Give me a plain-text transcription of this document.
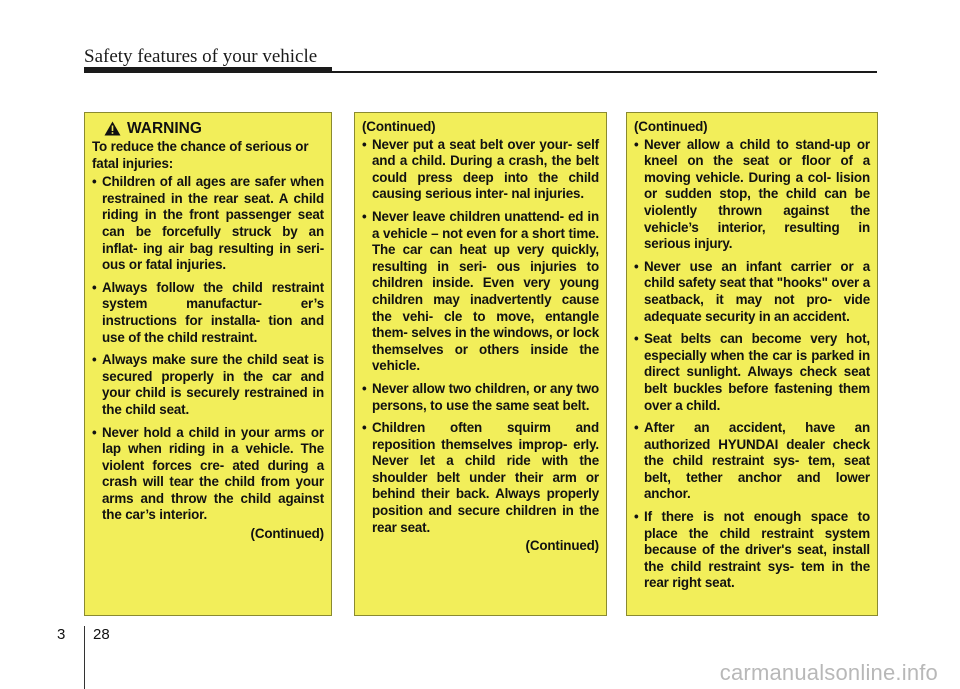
Safety features of your vehicle
WARNING

To reduce the chance of serious or fatal injuries:

• Children of all ages are safer when restrained in the rear seat. A child riding in the front passenger seat can be forcefully struck by an inflat- ing air bag resulting in seri- ous or fatal injuries.
• Always follow the child restraint system manufactur- er’s instructions for installa- tion and use of the child restraint.
• Always make sure the child seat is secured properly in the car and your child is securely restrained in the child seat.
• Never hold a child in your arms or lap when riding in a vehicle. The violent forces cre- ated during a crash will tear the child from your arms and throw the child against the car’s interior.
(Continued)
(Continued)
• Never put a seat belt over your- self and a child. During a crash, the belt could press deep into the child causing serious inter- nal injuries.
• Never leave children unattend- ed in a vehicle – not even for a short time. The car can heat up very quickly, resulting in seri- ous injuries to children inside. Even very young children may inadvertently cause the vehi- cle to move, entangle them- selves in the windows, or lock themselves or others inside the vehicle.
• Never allow two children, or any two persons, to use the same seat belt.
• Children often squirm and reposition themselves improp- erly. Never let a child ride with the shoulder belt under their arm or behind their back. Always properly position and secure children in the rear seat.
(Continued)
(Continued)
• Never allow a child to stand-up or kneel on the seat or floor of a moving vehicle. During a col- lision or sudden stop, the child can be violently thrown against the vehicle’s interior, resulting in serious injury.
• Never use an infant carrier or a child safety seat that "hooks" over a seatback, it may not pro- vide adequate security in an accident.
• Seat belts can become very hot, especially when the car is parked in direct sunlight. Always check seat belt buckles before fastening them over a child.
• After an accident, have an authorized HYUNDAI dealer check the child restraint sys- tem, seat belt, tether anchor and lower anchor.
• If there is not enough space to place the child restraint system because of the driver's seat, install the child restraint sys- tem in the rear right seat.
3 28
carmanualsonline.info
